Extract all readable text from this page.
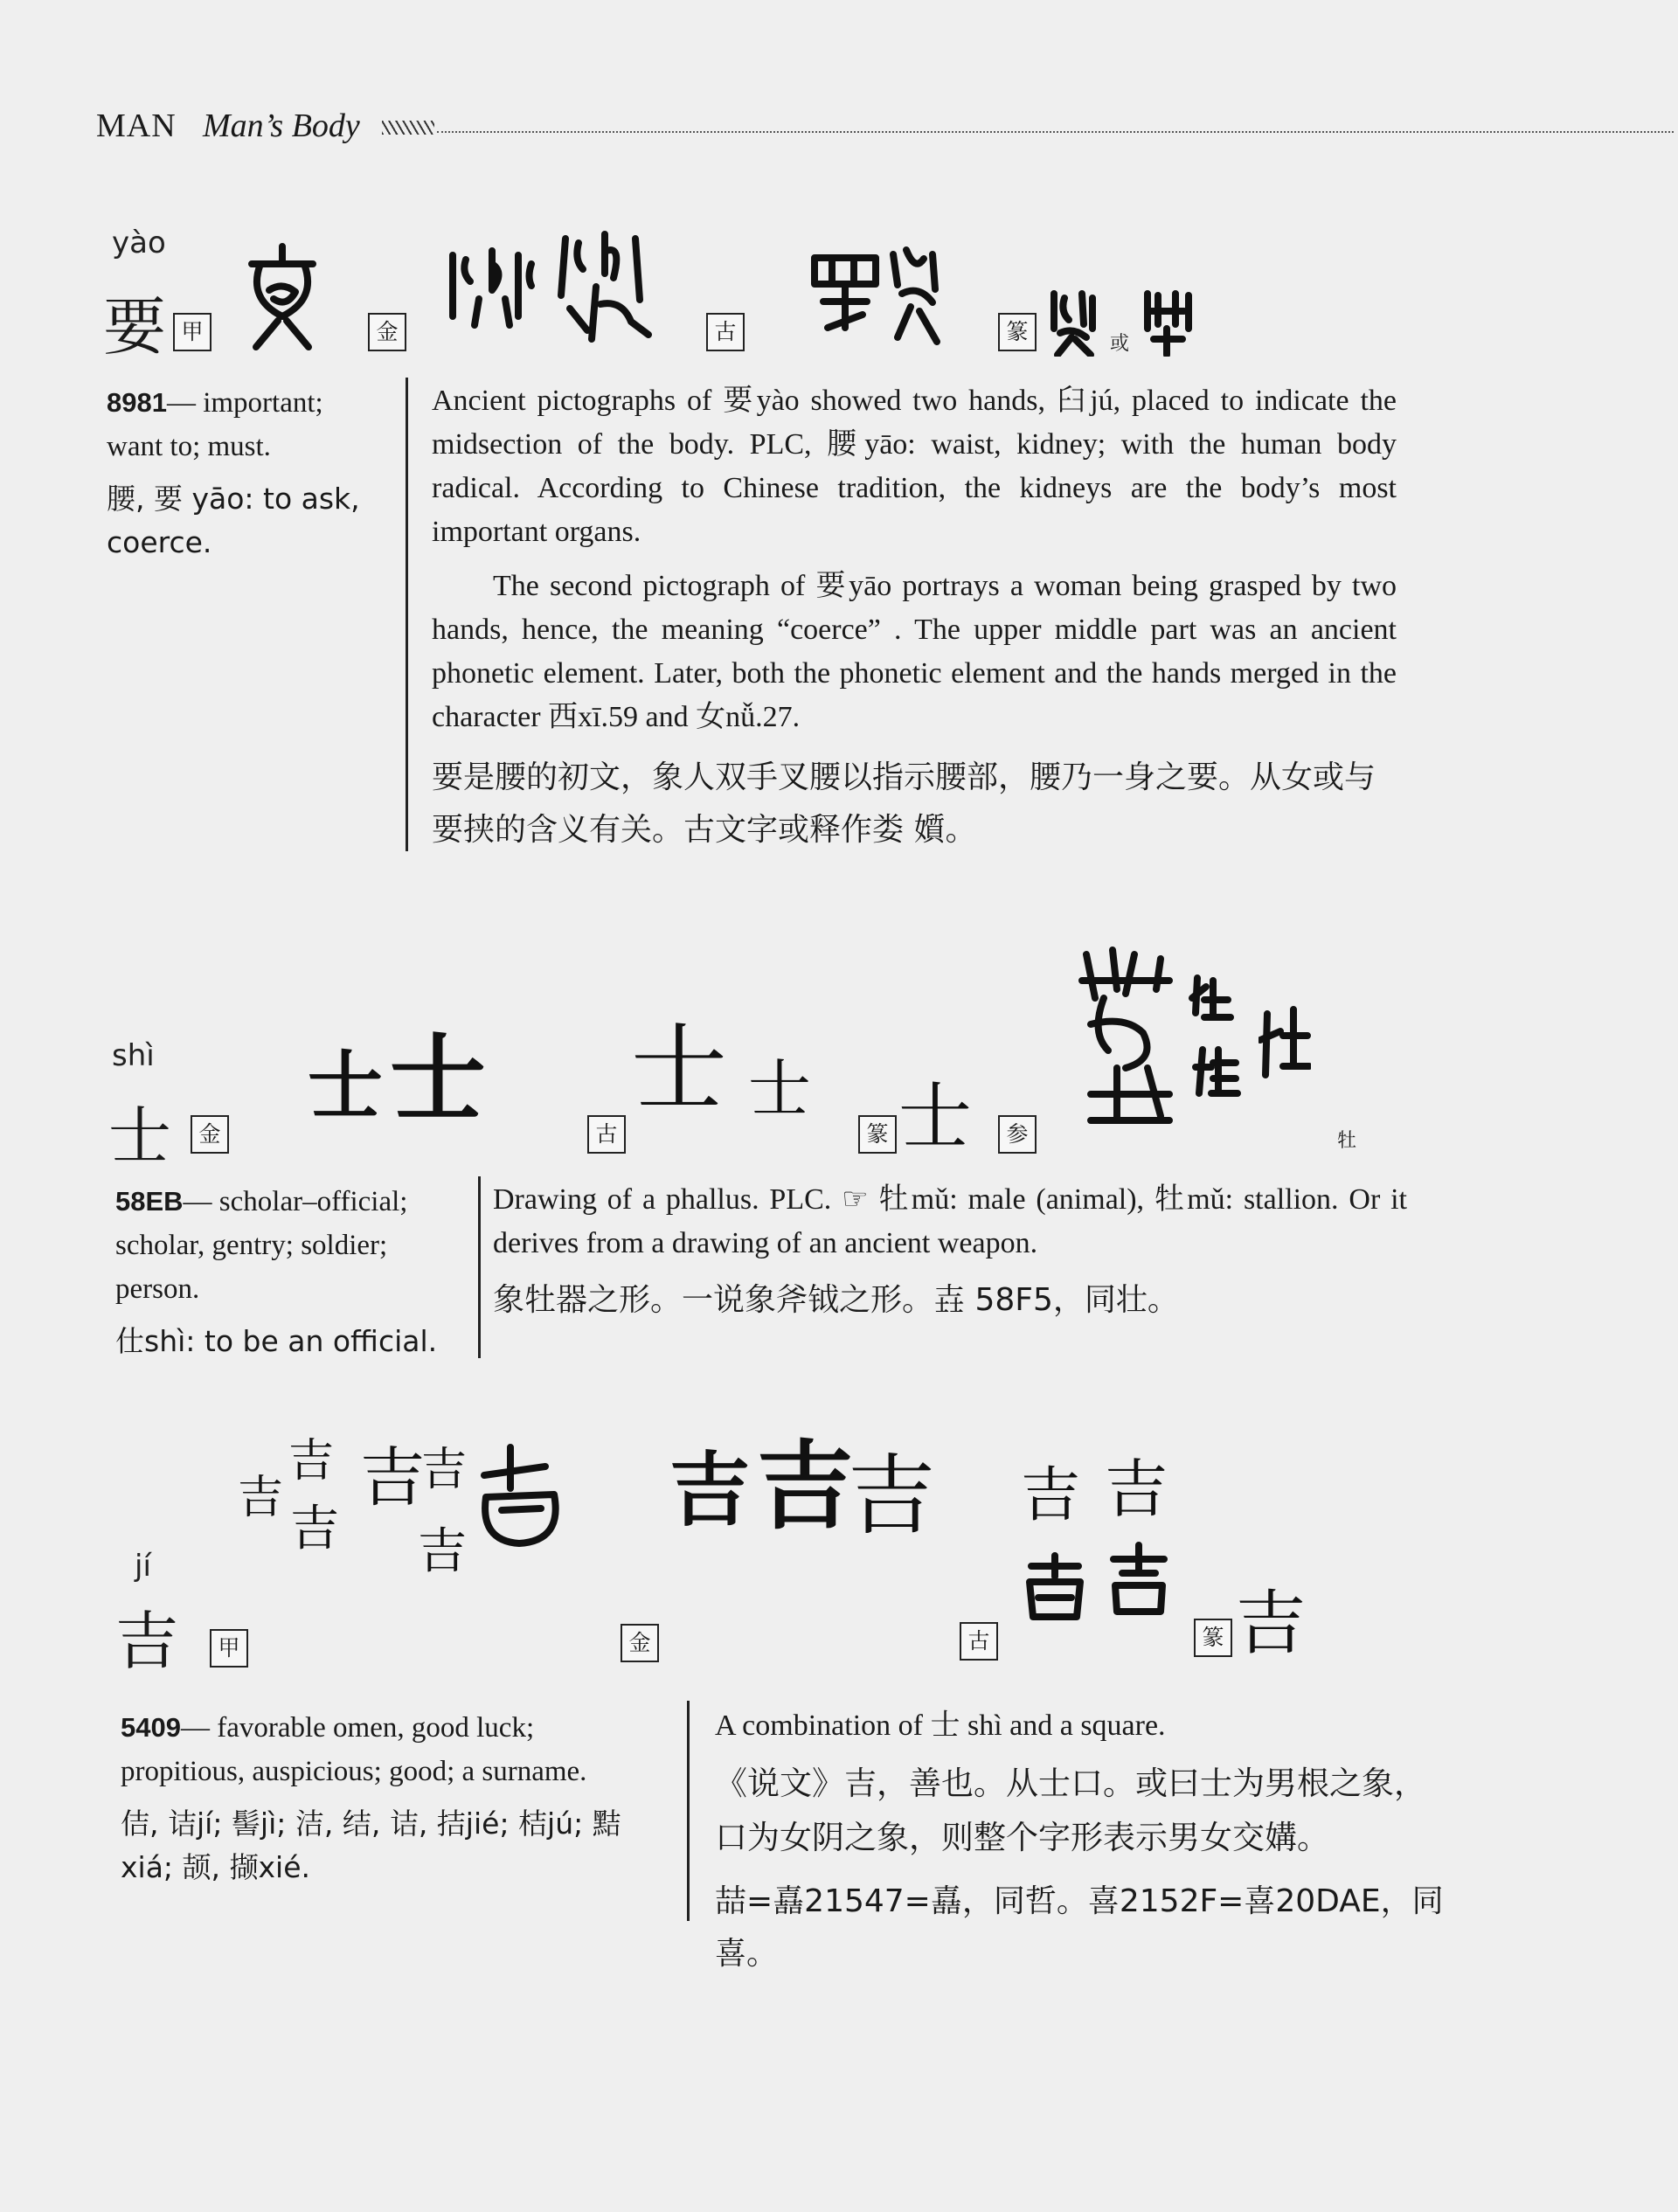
MAN Man’s Body
yào
要 甲	金	古	篆	或
8981— important; want to; must.
腰, 要 yāo: to ask, coerce.

Ancient pictographs of 要yào showed two hands, 臼jú, placed to indicate the midsection of the body. PLC, 腰yāo: waist, kidney; with the human body radical. According to Chinese tradition, the kidneys are the body’s most important organs.

The second pictograph of 要yāo portrays a woman being grasped by two hands, hence, the meaning “coerce” . The upper middle part was an ancient phonetic element. Later, both the phonetic element and the hands merged in the character 西xī.59 and 女nǚ.27.

要是腰的初文，象人双手叉腰以指示腰部，腰乃一身之要。从女或与要挟的含义有关。古文字或释作娄 㜱。
shì
士	金
士 士	古
士 士
篆 士	参	牡
58EB— scholar–official; scholar, gentry; soldier; person.
仕shì: to be an official.

Drawing of a phallus. PLC. ☞ 牡mǔ: male (animal), 牡mǔ: stallion. Or it derives from a drawing of an ancient weapon.

象牡器之形。一说象斧钺之形。壵 58F5，同壮。
jí
吉	甲
吉
吉
吉
吉
吉
吉
金
吉 吉
吉
古
吉 吉
篆 吉
5409— favorable omen, good luck; propitious, auspicious; good; a surname.
佶, 诘jí; 髻jì; 洁, 结, 诘, 拮jié; 桔jú; 黠xiá; 颉, 撷xié.

A combination of 士 shì and a square.

《说文》吉，善也。从士口。或曰士为男根之象，口为女阴之象，则整个字形表示男女交媾。
喆=嚞21547=嚞，同哲。喜2152F=喜20DAE，同喜。
